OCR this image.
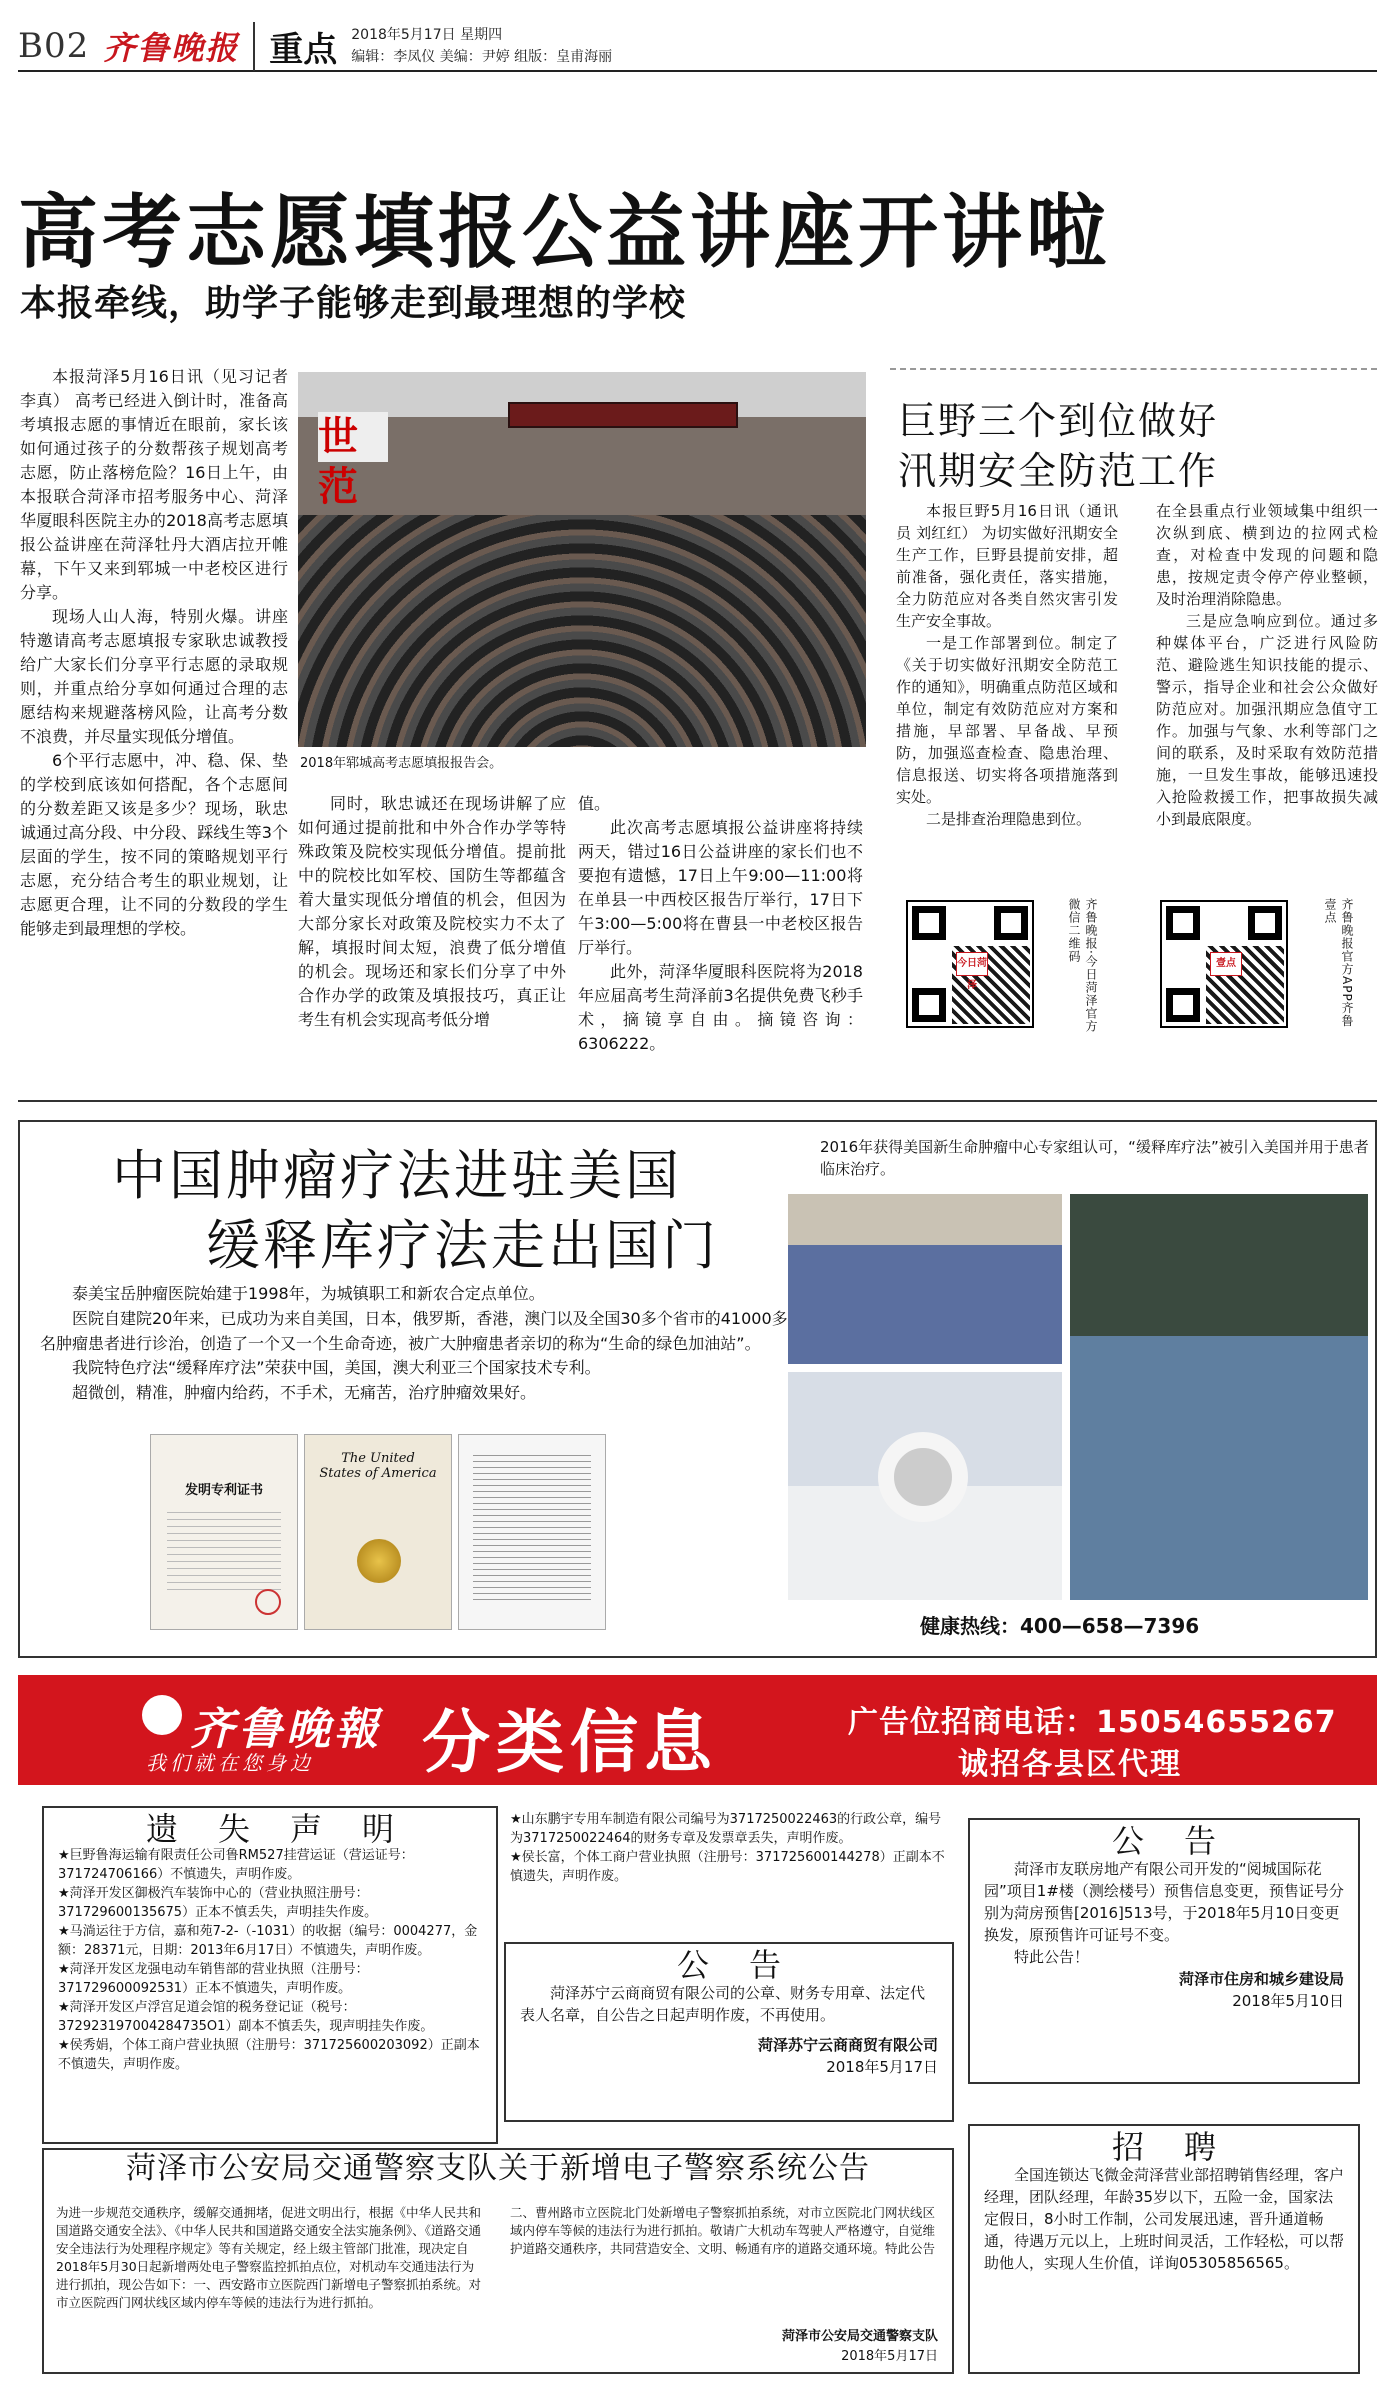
B02 齐鲁晚报 重点 2018年5月17日 星期四
编辑：李凤仪 美编：尹婷 组版：皇甫海丽
高考志愿填报公益讲座开讲啦
本报牵线，助学子能够走到最理想的学校

本报菏泽5月16日讯（见习记者 李真） 高考已经进入倒计时，准备高考填报志愿的事情近在眼前，家长该如何通过孩子的分数帮孩子规划高考志愿，防止落榜危险？16日上午，由本报联合菏泽市招考服务中心、菏泽华厦眼科医院主办的2018高考志愿填报公益讲座在菏泽牡丹大酒店拉开帷幕，下午又来到郓城一中老校区进行分享。

现场人山人海，特别火爆。讲座特邀请高考志愿填报专家耿忠诚教授给广大家长们分享平行志愿的录取规则，并重点给分享如何通过合理的志愿结构来规避落榜风险，让高考分数不浪费，并尽量实现低分增值。

6个平行志愿中，冲、稳、保、垫的学校到底该如何搭配，各个志愿间的分数差距又该是多少？现场，耿忠诚通过高分段、中分段、踩线生等3个层面的学生，按不同的策略规划平行志愿，充分结合考生的职业规划，让志愿更合理，让不同的分数段的学生能够走到最理想的学校。

世范
2018年郓城高考志愿填报报告会。

同时，耿忠诚还在现场讲解了应如何通过提前批和中外合作办学等特殊政策及院校实现低分增值。提前批中的院校比如军校、国防生等都蕴含着大量实现低分增值的机会，但因为大部分家长对政策及院校实力不太了解，填报时间太短，浪费了低分增值的机会。现场还和家长们分享了中外合作办学的政策及填报技巧，真正让考生有机会实现高考低分增

值。

此次高考志愿填报公益讲座将持续两天，错过16日公益讲座的家长们也不要抱有遗憾，17日上午9:00—11:00将在单县一中西校区报告厅举行，17日下午3:00—5:00将在曹县一中老校区报告厅举行。

此外，菏泽华厦眼科医院将为2018年应届高考生菏泽前3名提供免费飞秒手术，摘镜享自由。摘镜咨询：6306222。

巨野三个到位做好
汛期安全防范工作

本报巨野5月16日讯（通讯员 刘红红） 为切实做好汛期安全生产工作，巨野县提前安排，超前准备，强化责任，落实措施，全力防范应对各类自然灾害引发生产安全事故。

一是工作部署到位。制定了《关于切实做好汛期安全防范工作的通知》，明确重点防范区域和单位，制定有效防范应对方案和措施，早部署、早备战、早预防，加强巡查检查、隐患治理、信息报送、切实将各项措施落到实处。

二是排查治理隐患到位。

在全县重点行业领域集中组织一次纵到底、横到边的拉网式检查，对检查中发现的问题和隐患，按规定责令停产停业整顿，及时治理消除隐患。

三是应急响应到位。通过多种媒体平台，广泛进行风险防范、避险逃生知识技能的提示、警示，指导企业和社会公众做好防范应对。加强汛期应急值守工作。加强与气象、水利等部门之间的联系，及时采取有效防范措施，一旦发生事故，能够迅速投入抢险救援工作，把事故损失减小到最底限度。

今日菏泽	齐鲁晚报·今日菏泽官方微信二维码
壹点	齐鲁晚报官方APP齐鲁壹点
中国肿瘤疗法进驻美国
缓释库疗法走出国门

泰美宝岳肿瘤医院始建于1998年，为城镇职工和新农合定点单位。

医院自建院20年来，已成功为来自美国，日本，俄罗斯，香港，澳门以及全国30多个省市的41000多名肿瘤患者进行诊治，创造了一个又一个生命奇迹，被广大肿瘤患者亲切的称为“生命的绿色加油站”。

我院特色疗法“缓释库疗法”荣获中国，美国，澳大利亚三个国家技术专利。

超微创，精准，肿瘤内给药，不手术，无痛苦，治疗肿瘤效果好。

发明专利证书
The United States of America
2016年获得美国新生命肿瘤中心专家组认可，“缓释库疗法”被引入美国并用于患者临床治疗。
健康热线：400—658—7396
齐鲁晚報
我们就在您身边 分类信息	广告位招商电话：15054655267
诚招各县区代理
遗失声明
★巨野鲁海运输有限责任公司鲁RM527挂营运证（营运证号：371724706166）不慎遗失，声明作废。
★菏泽开发区御极汽车装饰中心的（营业执照注册号：371729600135675）正本不慎丢失，声明挂失作废。
★马淌运往于方信，嘉和苑7-2-（-1031）的收据（编号：0004277，金额：28371元，日期：2013年6月17日）不慎遗失，声明作废。
★菏泽开发区龙强电动车销售部的营业执照（注册号：371729600092531）正本不慎遗失，声明作废。
★菏泽开发区卢浮宫足道会馆的税务登记证（税号：372923197004284735O1）副本不慎丢失，现声明挂失作废。
★侯秀娟，个体工商户营业执照（注册号：371725600203092）正副本不慎遗失，声明作废。
★山东鹏宇专用车制造有限公司编号为3717250022463的行政公章，编号为3717250022464的财务专章及发票章丢失，声明作废。
★侯长富，个体工商户营业执照（注册号：371725600144278）正副本不慎遗失，声明作废。
公告

菏泽苏宁云商商贸有限公司的公章、财务专用章、法定代表人名章，自公告之日起声明作废，不再使用。

菏泽苏宁云商商贸有限公司
2018年5月17日
公告

菏泽市友联房地产有限公司开发的“阅城国际花园”项目1#楼（测绘楼号）预售信息变更，预售证号分别为菏房预售[2016]513号，于2018年5月10日变更换发，原预售许可证号不变。

特此公告！

菏泽市住房和城乡建设局
2018年5月10日
菏泽市公安局交通警察支队关于新增电子警察系统公告
为进一步规范交通秩序，缓解交通拥堵，促进文明出行，根据《中华人民共和国道路交通安全法》、《中华人民共和国道路交通安全法实施条例》、《道路交通安全违法行为处理程序规定》等有关规定，经上级主管部门批准，现决定自2018年5月30日起新增两处电子警察监控抓拍点位，对机动车交通违法行为进行抓拍，现公告如下：一、西安路市立医院西门新增电子警察抓拍系统。对市立医院西门网状线区域内停车等候的违法行为进行抓拍。
二、曹州路市立医院北门处新增电子警察抓拍系统，对市立医院北门网状线区域内停车等候的违法行为进行抓拍。敬请广大机动车驾驶人严格遵守，自觉维护道路交通秩序，共同营造安全、文明、畅通有序的道路交通环境。特此公告
菏泽市公安局交通警察支队
2018年5月17日
招聘

全国连锁达飞微金菏泽营业部招聘销售经理，客户经理，团队经理，年龄35岁以下，五险一金，国家法定假日，8小时工作制，公司发展迅速，晋升通道畅通，待遇万元以上，上班时间灵活，工作轻松，可以帮助他人，实现人生价值，详询05305856565。
